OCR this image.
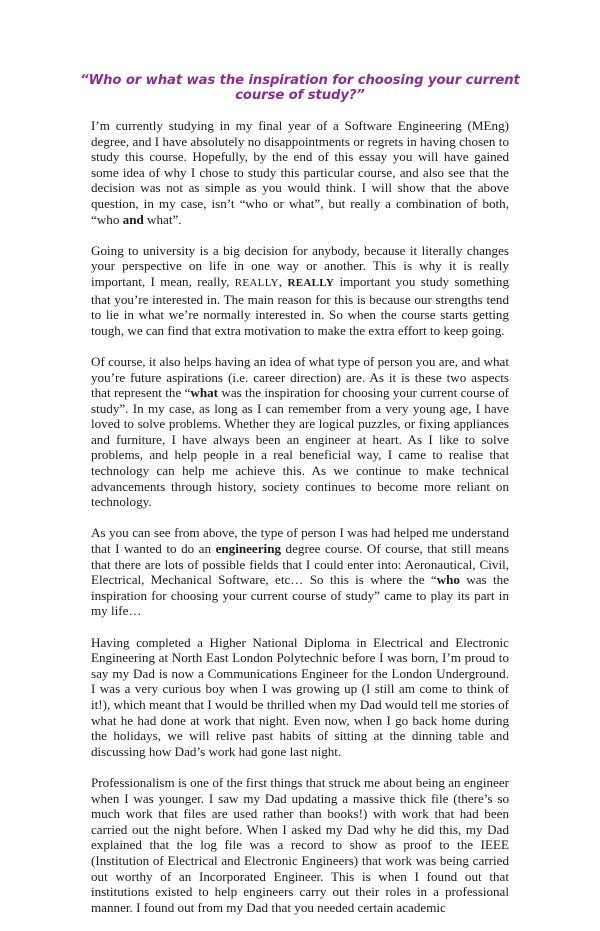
“Who or what was the inspiration for choosing your current course of study?”

I’m currently studying in my final year of a Software Engineering (MEng) degree, and I have absolutely no disappointments or regrets in having chosen to study this course. Hopefully, by the end of this essay you will have gained some idea of why I chose to study this particular course, and also see that the decision was not as simple as you would think. I will show that the above question, in my case, isn’t “who or what”, but really a combination of both, “who and what”.

Going to university is a big decision for anybody, because it literally changes your perspective on life in one way or another. This is why it is really important, I mean, really, REALLY, REALLY important you study something that you’re interested in. The main reason for this is because our strengths tend to lie in what we’re normally interested in. So when the course starts getting tough, we can find that extra motivation to make the extra effort to keep going.

Of course, it also helps having an idea of what type of person you are, and what you’re future aspirations (i.e. career direction) are. As it is these two aspects that represent the “what was the inspiration for choosing your current course of study”. In my case, as long as I can remember from a very young age, I have loved to solve problems. Whether they are logical puzzles, or fixing appliances and furniture, I have always been an engineer at heart. As I like to solve problems, and help people in a real beneficial way, I came to realise that technology can help me achieve this. As we continue to make technical advancements through history, society continues to become more reliant on technology.

As you can see from above, the type of person I was had helped me understand that I wanted to do an engineering degree course. Of course, that still means that there are lots of possible fields that I could enter into: Aeronautical, Civil, Electrical, Mechanical Software, etc… So this is where the “who was the inspiration for choosing your current course of study” came to play its part in my life…

Having completed a Higher National Diploma in Electrical and Electronic Engineering at North East London Polytechnic before I was born, I’m proud to say my Dad is now a Communications Engineer for the London Underground. I was a very curious boy when I was growing up (I still am come to think of it!), which meant that I would be thrilled when my Dad would tell me stories of what he had done at work that night. Even now, when I go back home during the holidays, we will relive past habits of sitting at the dinning table and discussing how Dad’s work had gone last night.

Professionalism is one of the first things that struck me about being an engineer when I was younger. I saw my Dad updating a massive thick file (there’s so much work that files are used rather than books!) with work that had been carried out the night before. When I asked my Dad why he did this, my Dad explained that the log file was a record to show as proof to the IEEE (Institution of Electrical and Electronic Engineers) that work was being carried out worthy of an Incorporated Engineer. This is when I found out that institutions existed to help engineers carry out their roles in a professional manner. I found out from my Dad that you needed certain academic
